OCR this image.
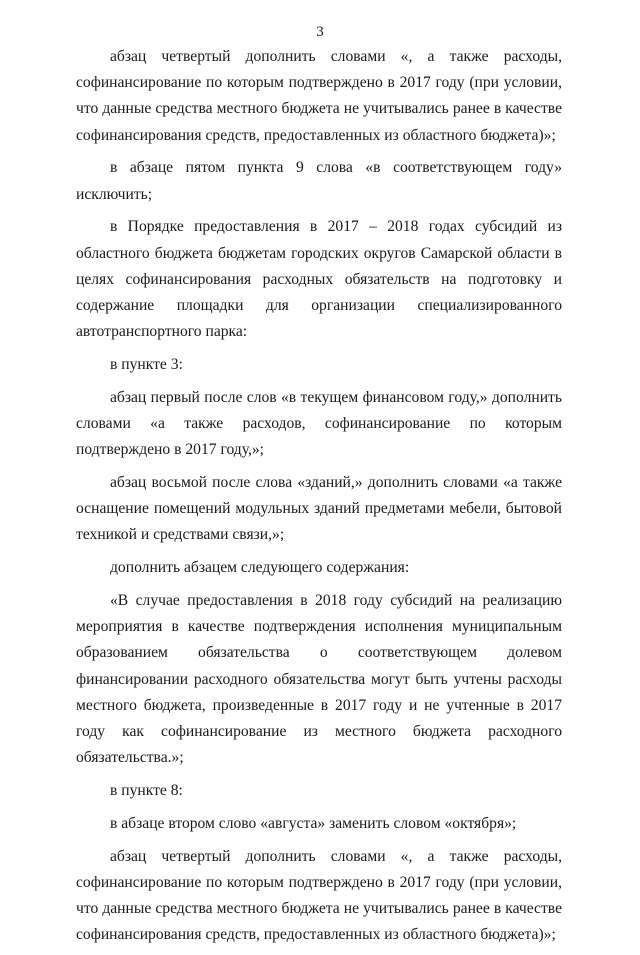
3

абзац четвертый дополнить словами «, а также расходы, софинансирование по которым подтверждено в 2017 году (при условии, что данные средства местного бюджета не учитывались ранее в качестве софинансирования средств, предоставленных из областного бюджета)»;

в абзаце пятом пункта 9 слова «в соответствующем году» исключить;

в Порядке предоставления в 2017 – 2018 годах субсидий из областного бюджета бюджетам городских округов Самарской области в целях софинансирования расходных обязательств на подготовку и содержание площадки для организации специализированного автотранспортного парка:

в пункте 3:

абзац первый после слов «в текущем финансовом году,» дополнить словами «а также расходов, софинансирование по которым подтверждено в 2017 году,»;

абзац восьмой после слова «зданий,» дополнить словами «а также оснащение помещений модульных зданий предметами мебели, бытовой техникой и средствами связи,»;

дополнить абзацем следующего содержания:

«В случае предоставления в 2018 году субсидий на реализацию мероприятия в качестве подтверждения исполнения муниципальным образованием обязательства о соответствующем долевом финансировании расходного обязательства могут быть учтены расходы местного бюджета, произведенные в 2017 году и не учтенные в 2017 году как софинансирование из местного бюджета расходного обязательства.»;

в пункте 8:

в абзаце втором слово «августа» заменить словом «октября»;

абзац четвертый дополнить словами «, а также расходы, софинансирование по которым подтверждено в 2017 году (при условии, что данные средства местного бюджета не учитывались ранее в качестве софинансирования средств, предоставленных из областного бюджета)»;
